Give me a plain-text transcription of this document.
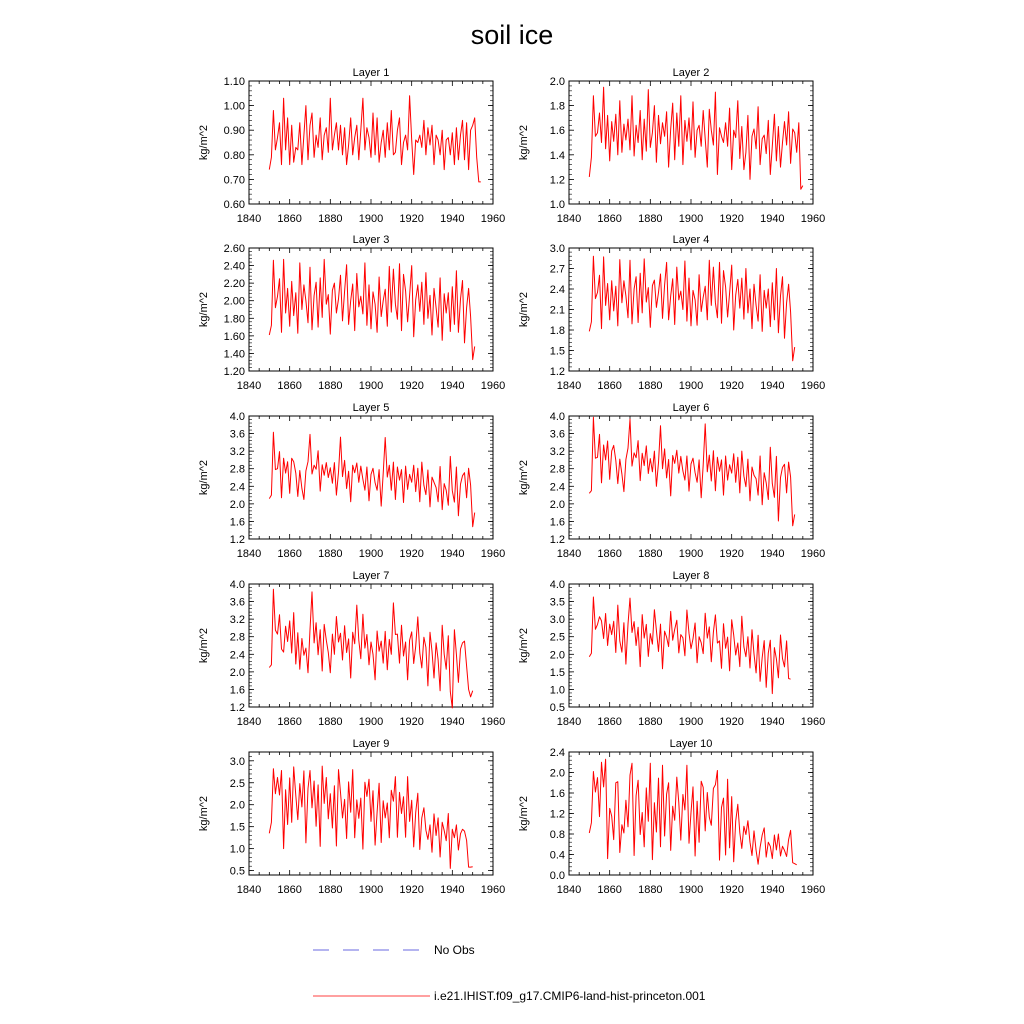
soil ice
Layer 1
1840 1860 1880 1900 1920 1940 1960
0.60
0.70
0.80
0.90
1.00
1.10
kg/m^2
Layer 2
1840 1860 1880 1900 1920 1940 1960
1.0
1.2
1.4
1.6
1.8
2.0
kg/m^2
Layer 3
1840 1860 1880 1900 1920 1940 1960
1.20
1.40
1.60
1.80
2.00
2.20
2.40
2.60
kg/m^2
Layer 4
1840 1860 1880 1900 1920 1940 1960
1.2
1.5
1.8
2.1
2.4
2.7
3.0
kg/m^2
Layer 5
1840 1860 1880 1900 1920 1940 1960
1.2
1.6
2.0
2.4
2.8
3.2
3.6
4.0
kg/m^2
Layer 6
1840 1860 1880 1900 1920 1940 1960
1.2
1.6
2.0
2.4
2.8
3.2
3.6
4.0
kg/m^2
Layer 7
1840 1860 1880 1900 1920 1940 1960
1.2
1.6
2.0
2.4
2.8
3.2
3.6
4.0
kg/m^2
Layer 8
1840 1860 1880 1900 1920 1940 1960
0.5
1.0
1.5
2.0
2.5
3.0
3.5
4.0
kg/m^2
Layer 9
1840 1860 1880 1900 1920 1940 1960
0.5
1.0
1.5
2.0
2.5
3.0
kg/m^2
Layer 10
1840 1860 1880 1900 1920 1940 1960
0.0
0.4
0.8
1.2
1.6
2.0
2.4
kg/m^2
No Obs
i.e21.IHIST.f09_g17.CMIP6-land-hist-princeton.001
